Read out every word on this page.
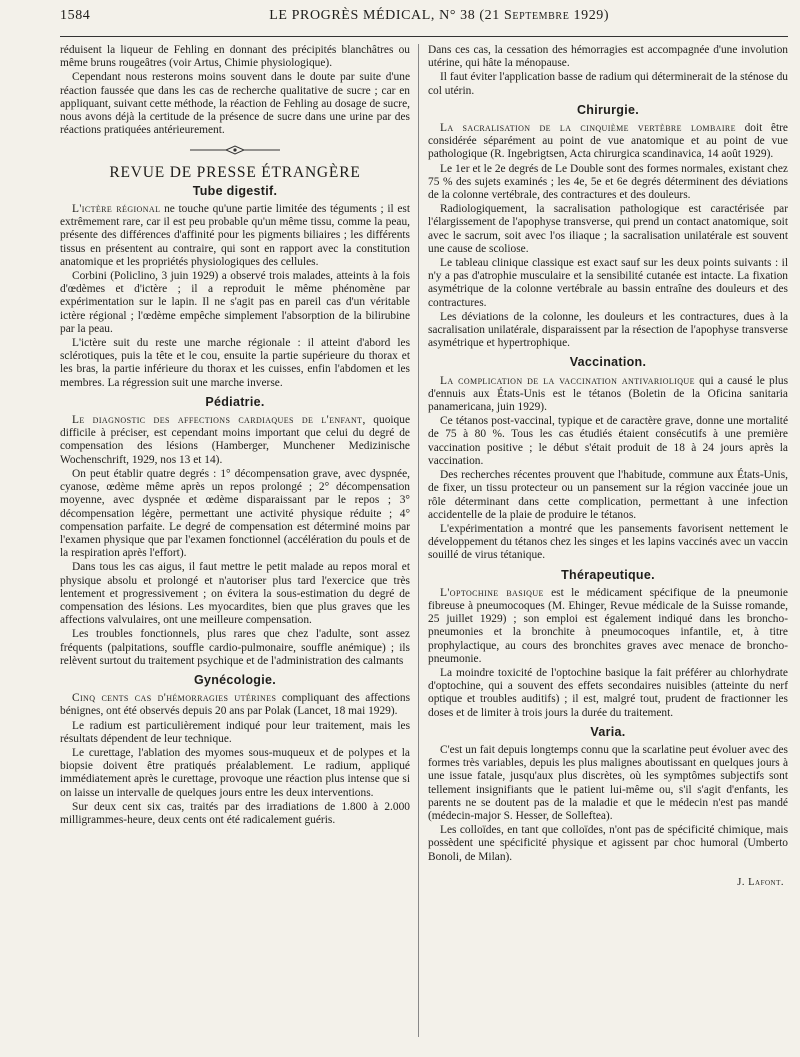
1584	LE PROGRÈS MÉDICAL, N° 38 (21 Septembre 1929)

réduisent la liqueur de Fehling en donnant des précipités blanchâtres ou même bruns rougeâtres (voir Artus, Chimie physiologique).

Cependant nous resterons moins souvent dans le doute par suite d'une réaction faussée que dans les cas de recherche qualitative de sucre ; car en appliquant, suivant cette méthode, la réaction de Fehling au dosage de sucre, nous avons déjà la certitude de la présence de sucre dans une urine par des réactions pratiquées antérieurement.

REVUE DE PRESSE ÉTRANGÈRE
Tube digestif.

L'ictère régional ne touche qu'une partie limitée des téguments ; il est extrêmement rare, car il est peu probable qu'un même tissu, comme la peau, présente des différences d'affinité pour les pigments biliaires ; les différents tissus en présentent au contraire, qui sont en rapport avec la constitution anatomique et les propriétés physiologiques des cellules.

Corbini (Policlino, 3 juin 1929) a observé trois malades, atteints à la fois d'œdèmes et d'ictère ; il a reproduit le même phénomène par expérimentation sur le lapin. Il ne s'agit pas en pareil cas d'un véritable ictère régional ; l'œdème empêche simplement l'absorption de la bilirubine par la peau.

L'ictère suit du reste une marche régionale : il atteint d'abord les sclérotiques, puis la tête et le cou, ensuite la partie supérieure du thorax et les bras, la partie inférieure du thorax et les cuisses, enfin l'abdomen et les membres. La régression suit une marche inverse.

Pédiatrie.

Le diagnostic des affections cardiaques de l'enfant, quoique difficile à préciser, est cependant moins important que celui du degré de compensation des lésions (Hamberger, Munchener Medizinische Wochenschrift, 1929, nos 13 et 14).

On peut établir quatre degrés : 1° décompensation grave, avec dyspnée, cyanose, œdème même après un repos prolongé ; 2° décompensation moyenne, avec dyspnée et œdème disparaissant par le repos ; 3° décompensation légère, permettant une activité physique réduite ; 4° compensation parfaite. Le degré de compensation est déterminé moins par l'examen physique que par l'examen fonctionnel (accélération du pouls et de la respiration après l'effort).

Dans tous les cas aigus, il faut mettre le petit malade au repos moral et physique absolu et prolongé et n'autoriser plus tard l'exercice que très lentement et progressivement ; on évitera la sous-estimation du degré de compensation des lésions. Les myocardites, bien que plus graves que les affections valvulaires, ont une meilleure compensation.

Les troubles fonctionnels, plus rares que chez l'adulte, sont assez fréquents (palpitations, souffle cardio-pulmonaire, souffle anémique) ; ils relèvent surtout du traitement psychique et de l'administration des calmants

Gynécologie.

Cinq cents cas d'hémorragies utérines compliquant des affections bénignes, ont été observés depuis 20 ans par Polak (Lancet, 18 mai 1929).

Le radium est particulièrement indiqué pour leur traitement, mais les résultats dépendent de leur technique.

Le curettage, l'ablation des myomes sous-muqueux et de polypes et la biopsie doivent être pratiqués préalablement. Le radium, appliqué immédiatement après le curettage, provoque une réaction plus intense que si on laisse un intervalle de quelques jours entre les deux interventions.

Sur deux cent six cas, traités par des irradiations de 1.800 à 2.000 milligrammes-heure, deux cents ont été radicalement guéris.

Dans ces cas, la cessation des hémorragies est accompagnée d'une involution utérine, qui hâte la ménopause.

Il faut éviter l'application basse de radium qui déterminerait de la sténose du col utérin.

Chirurgie.

La sacralisation de la cinquième vertèbre lombaire doit être considérée séparément au point de vue anatomique et au point de vue pathologique (R. Ingebrigtsen, Acta chirurgica scandinavica, 14 août 1929).

Le 1er et le 2e degrés de Le Double sont des formes normales, existant chez 75 % des sujets examinés ; les 4e, 5e et 6e degrés déterminent des déviations de la colonne vertébrale, des contractures et des douleurs.

Radiologiquement, la sacralisation pathologique est caractérisée par l'élargissement de l'apophyse transverse, qui prend un contact anatomique, soit avec le sacrum, soit avec l'os iliaque ; la sacralisation unilatérale est souvent une cause de scoliose.

Le tableau clinique classique est exact sauf sur les deux points suivants : il n'y a pas d'atrophie musculaire et la sensibilité cutanée est intacte. La fixation asymétrique de la colonne vertébrale au bassin entraîne des douleurs et des contractures.

Les déviations de la colonne, les douleurs et les contractures, dues à la sacralisation unilatérale, disparaissent par la résection de l'apophyse transverse asymétrique et hypertrophique.

Vaccination.

La complication de la vaccination antivariolique qui a causé le plus d'ennuis aux États-Unis est le tétanos (Boletin de la Oficina sanitaria panamericana, juin 1929).

Ce tétanos post-vaccinal, typique et de caractère grave, donne une mortalité de 75 à 80 %. Tous les cas étudiés étaient consécutifs à une première vaccination positive ; le début s'était produit de 18 à 24 jours après la vaccination.

Des recherches récentes prouvent que l'habitude, commune aux États-Unis, de fixer, un tissu protecteur ou un pansement sur la région vaccinée joue un rôle déterminant dans cette complication, permettant à une infection accidentelle de la plaie de produire le tétanos.

L'expérimentation a montré que les pansements favorisent nettement le développement du tétanos chez les singes et les lapins vaccinés avec un vaccin souillé de virus tétanique.

Thérapeutique.

L'optochine basique est le médicament spécifique de la pneumonie fibreuse à pneumocoques (M. Ehinger, Revue médicale de la Suisse romande, 25 juillet 1929) ; son emploi est également indiqué dans les broncho-pneumonies et la bronchite à pneumocoques infantile, et, à titre prophylactique, au cours des bronchites graves avec menace de broncho-pneumonie.

La moindre toxicité de l'optochine basique la fait préférer au chlorhydrate d'optochine, qui a souvent des effets secondaires nuisibles (atteinte du nerf optique et troubles auditifs) ; il est, malgré tout, prudent de fractionner les doses et de limiter à trois jours la durée du traitement.

Varia.

C'est un fait depuis longtemps connu que la scarlatine peut évoluer avec des formes très variables, depuis les plus malignes aboutissant en quelques jours à une issue fatale, jusqu'aux plus discrètes, où les symptômes subjectifs sont tellement insignifiants que le patient lui-même ou, s'il s'agit d'enfants, les parents ne se doutent pas de la maladie et que le médecin n'est pas mandé (médecin-major S. Hesser, de Solleftea).

Les colloïdes, en tant que colloïdes, n'ont pas de spécificité chimique, mais possèdent une spécificité physique et agissent par choc humoral (Umberto Bonoli, de Milan).

J. Lafont.
